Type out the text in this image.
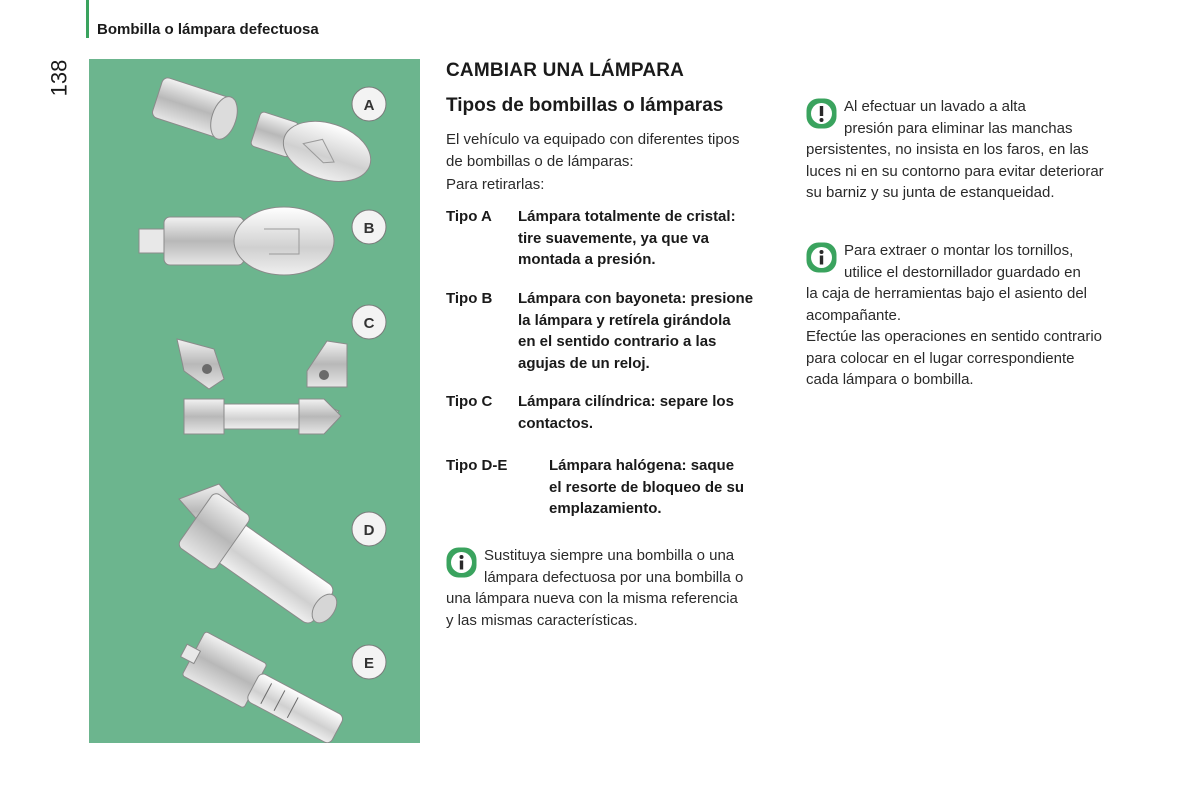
Bombilla o lámpara defectuosa
138
A
B
C
D
E
CAMBIAR UNA LÁMPARA
Tipos de bombillas o lámparas

El vehículo va equipado con diferentes tipos

de bombillas o de lámparas:

Para retirarlas:

Tipo A Lámpara totalmente de cristal:
tire suavemente, ya que va
montada a presión.
Tipo B Lámpara con bayoneta: presione
la lámpara y retírela girándola
en el sentido contrario a las
agujas de un reloj.
Tipo C Lámpara cilíndrica: separe los
contactos.
Tipo D-E	Lámpara halógena: saque
el resorte de bloqueo de su
emplazamiento.
Sustituya siempre una bombilla o una
lámpara defectuosa por una bombilla o
una lámpara nueva con la misma referencia
y las mismas características.
Al efectuar un lavado a alta
presión para eliminar las manchas
persistentes, no insista en los faros, en las
luces ni en su contorno para evitar deteriorar
su barniz y su junta de estanqueidad.
Para extraer o montar los tornillos,
utilice el destornillador guardado en
la caja de herramientas bajo el asiento del
acompañante.
Efectúe las operaciones en sentido contrario
para colocar en el lugar correspondiente
cada lámpara o bombilla.
